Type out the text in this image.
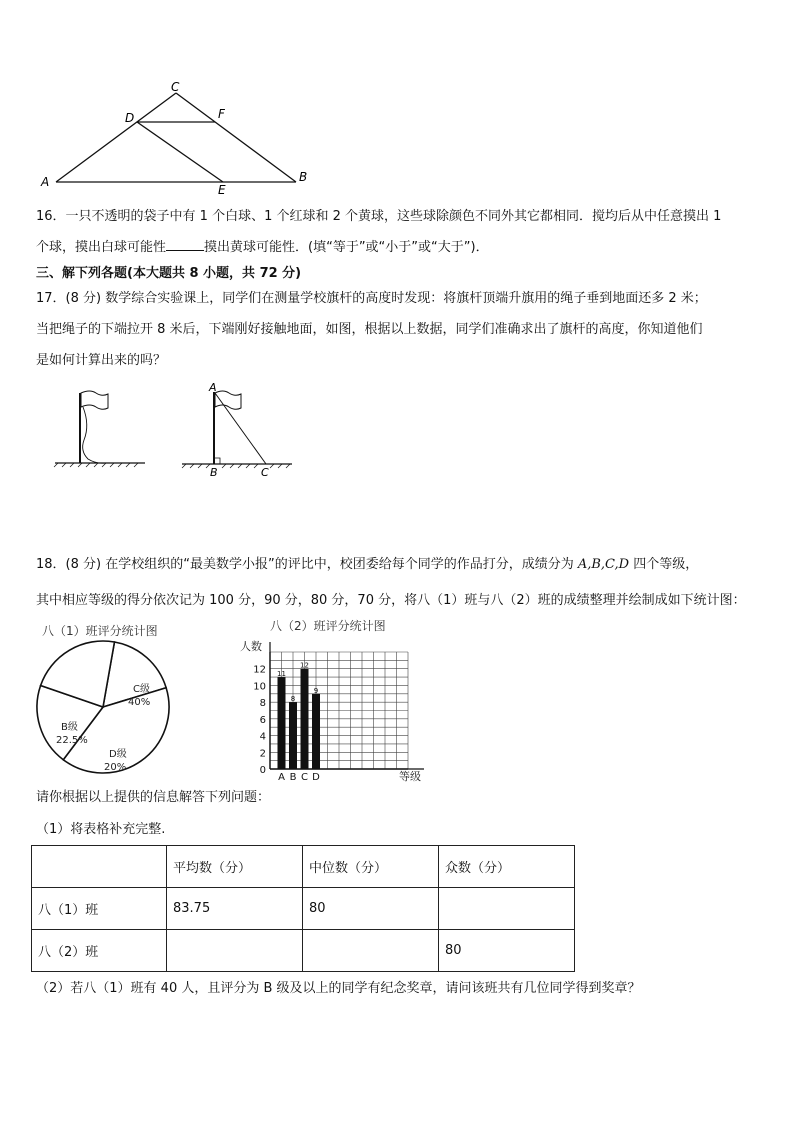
C
D	F
A
E
B
16．一只不透明的袋子中有 1 个白球、1 个红球和 2 个黄球，这些球除颜色不同外其它都相同．搅均后从中任意摸出 1
个球，摸出白球可能性	摸出黄球可能性．(填“等于”或“小于”或“大于”)．
三、解下列各题(本大题共 8 小题，共 72 分)
17．(8 分) 数学综合实验课上，同学们在测量学校旗杆的高度时发现：将旗杆顶端升旗用的绳子垂到地面还多 2 米；
当把绳子的下端拉开 8 米后，下端刚好接触地面，如图，根据以上数据，同学们准确求出了旗杆的高度，你知道他们
是如何计算出来的吗？
A
B	C
18．(8 分) 在学校组织的“最美数学小报”的评比中，校团委给每个同学的作品打分，成绩分为 A,B,C,D 四个等级，
其中相应等级的得分依次记为 100 分，90 分，80 分，70 分，将八（1）班与八（2）班的成绩整理并绘制成如下统计图：
八（1）班评分统计图
C级
40%
D级
20%
B级
22.5%
八（2）班评分统计图
人数
等级
0
2
4
6
8
10
12 11
A
8
B
12
C
9
D
请你根据以上提供的信息解答下列问题：
（1）将表格补充完整.
	平均数（分）	中位数（分）	众数（分）
八（1）班	83.75	80	
八（2）班			80
（2）若八（1）班有 40 人，且评分为 B 级及以上的同学有纪念奖章，请问该班共有几位同学得到奖章？
